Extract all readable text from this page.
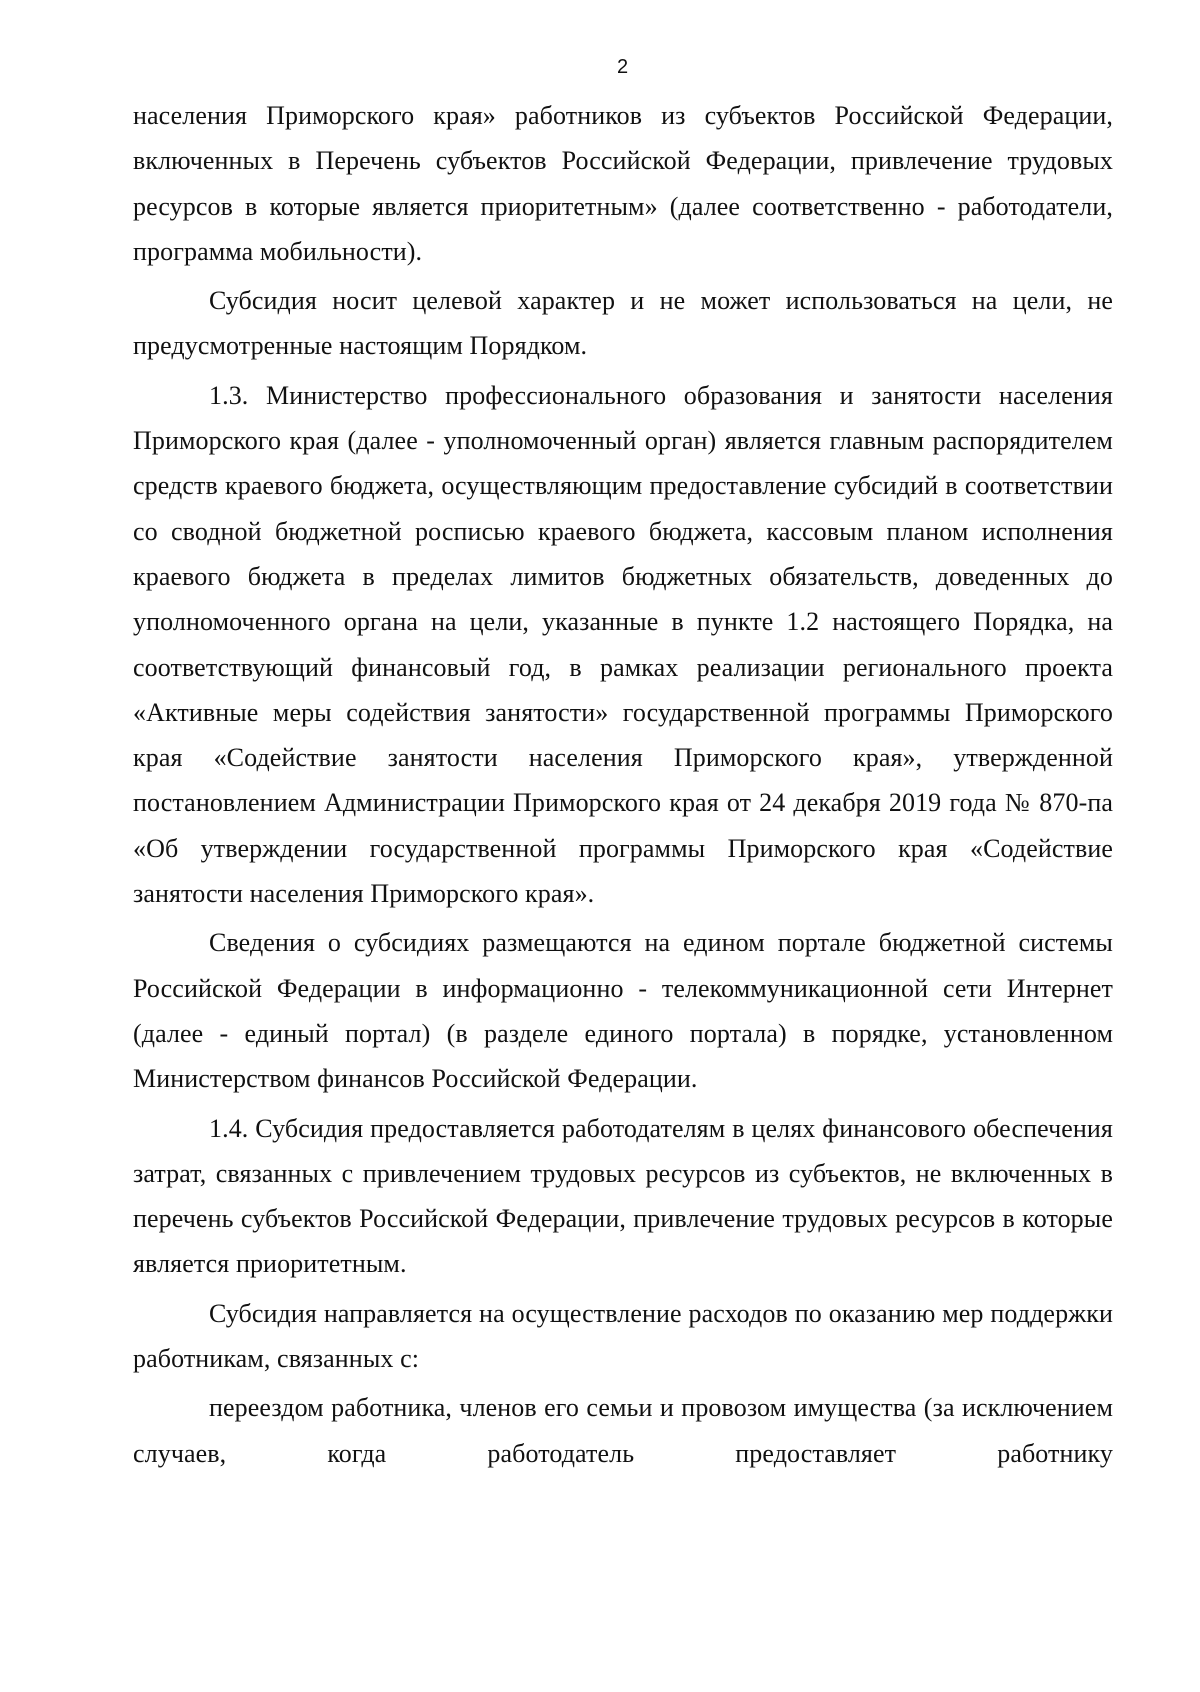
2

населения Приморского края» работников из субъектов Российской Федерации, включенных в Перечень субъектов Российской Федерации, привлечение трудовых ресурсов в которые является приоритетным» (далее соответственно - работодатели, программа мобильности).

Субсидия носит целевой характер и не может использоваться на цели, не предусмотренные настоящим Порядком.

1.3. Министерство профессионального образования и занятости населения Приморского края (далее - уполномоченный орган) является главным распорядителем средств краевого бюджета, осуществляющим предоставление субсидий в соответствии со сводной бюджетной росписью краевого бюджета, кассовым планом исполнения краевого бюджета в пределах лимитов бюджетных обязательств, доведенных до уполномоченного органа на цели, указанные в пункте 1.2 настоящего Порядка, на соответствующий финансовый год, в рамках реализации регионального проекта «Активные меры содействия занятости» государственной программы Приморского края «Содействие занятости населения Приморского края», утвержденной постановлением Администрации Приморского края от 24 декабря 2019 года № 870-па «Об утверждении государственной программы Приморского края «Содействие занятости населения Приморского края».

Сведения о субсидиях размещаются на едином портале бюджетной системы Российской Федерации в информационно - телекоммуникационной сети Интернет (далее - единый портал) (в разделе единого портала) в порядке, установленном Министерством финансов Российской Федерации.

1.4. Субсидия предоставляется работодателям в целях финансового обеспечения затрат, связанных с привлечением трудовых ресурсов из субъектов, не включенных в перечень субъектов Российской Федерации, привлечение трудовых ресурсов в которые является приоритетным.

Субсидия направляется на осуществление расходов по оказанию мер поддержки работникам, связанных с:

переездом работника, членов его семьи и провозом имущества (за исключением случаев, когда работодатель предоставляет работнику
